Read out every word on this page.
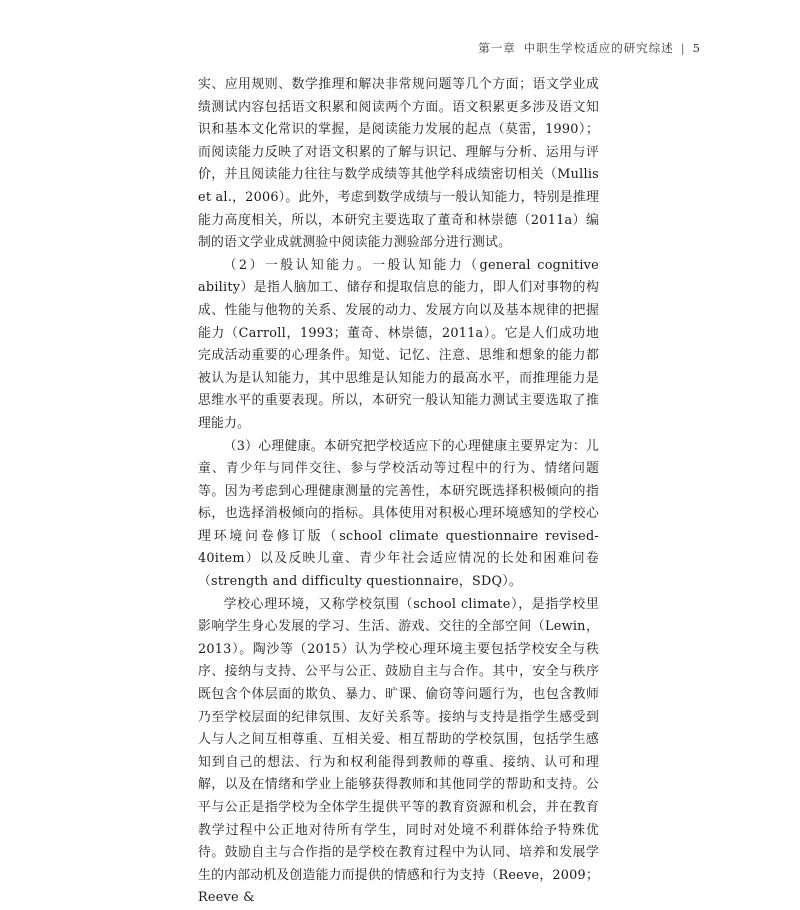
第一章 中职生学校适应的研究综述 | 5

实、应用规则、数学推理和解决非常规问题等几个方面；语文学业成绩测试内容包括语文积累和阅读两个方面。语文积累更多涉及语文知识和基本文化常识的掌握，是阅读能力发展的起点（莫雷，1990）；而阅读能力反映了对语文积累的了解与识记、理解与分析、运用与评价，并且阅读能力往往与数学成绩等其他学科成绩密切相关（Mullis et al.，2006）。此外，考虑到数学成绩与一般认知能力，特别是推理能力高度相关，所以，本研究主要选取了董奇和林崇德（2011a）编制的语文学业成就测验中阅读能力测验部分进行测试。

（2）一般认知能力。一般认知能力（general cognitive ability）是指人脑加工、储存和提取信息的能力，即人们对事物的构成、性能与他物的关系、发展的动力、发展方向以及基本规律的把握能力（Carroll，1993；董奇、林崇德，2011a）。它是人们成功地完成活动重要的心理条件。知觉、记忆、注意、思维和想象的能力都被认为是认知能力，其中思维是认知能力的最高水平，而推理能力是思维水平的重要表现。所以，本研究一般认知能力测试主要选取了推理能力。

（3）心理健康。本研究把学校适应下的心理健康主要界定为：儿童、青少年与同伴交往、参与学校活动等过程中的行为、情绪问题等。因为考虑到心理健康测量的完善性，本研究既选择积极倾向的指标，也选择消极倾向的指标。具体使用对积极心理环境感知的学校心理环境问卷修订版（school climate questionnaire revised-40item）以及反映儿童、青少年社会适应情况的长处和困难问卷（strength and difficulty questionnaire，SDQ）。

学校心理环境，又称学校氛围（school climate），是指学校里影响学生身心发展的学习、生活、游戏、交往的全部空间（Lewin，2013）。陶沙等（2015）认为学校心理环境主要包括学校安全与秩序、接纳与支持、公平与公正、鼓励自主与合作。其中，安全与秩序既包含个体层面的欺负、暴力、旷课、偷窃等问题行为，也包含教师乃至学校层面的纪律氛围、友好关系等。接纳与支持是指学生感受到人与人之间互相尊重、互相关爱、相互帮助的学校氛围，包括学生感知到自己的想法、行为和权利能得到教师的尊重、接纳、认可和理解，以及在情绪和学业上能够获得教师和其他同学的帮助和支持。公平与公正是指学校为全体学生提供平等的教育资源和机会，并在教育教学过程中公正地对待所有学生，同时对处境不利群体给予特殊优待。鼓励自主与合作指的是学校在教育过程中为认同、培养和发展学生的内部动机及创造能力而提供的情感和行为支持（Reeve，2009；Reeve &
